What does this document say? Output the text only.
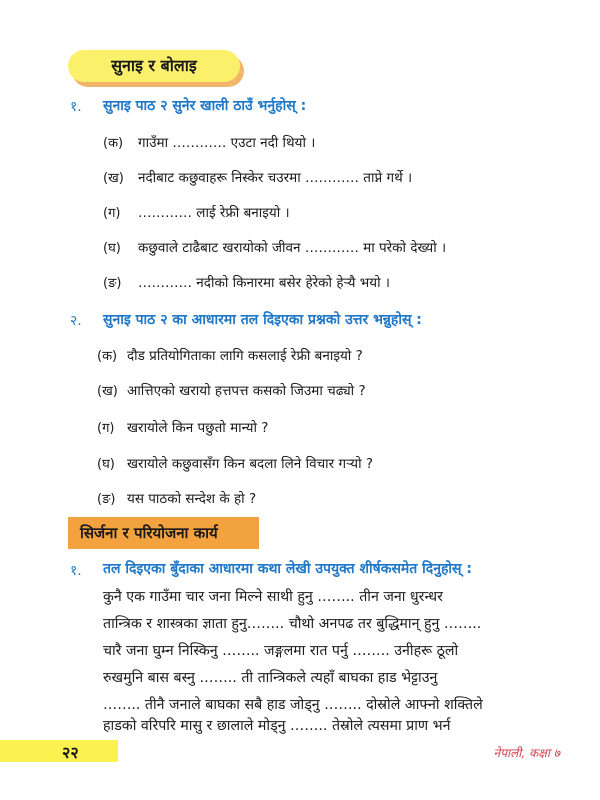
सुनाइ र बोलाइ
१. सुनाइ पाठ २ सुनेर खाली ठाउँ भर्नुहोस् :
(क) गाउँमा ………… एउटा नदी थियो ।
(ख) नदीबाट कछुवाहरू निस्केर चउरमा ………… ताप्ने गर्थे ।
(ग) ………… लाई रेफ्री बनाइयो ।
(घ) कछुवाले टाढैबाट खरायोको जीवन ………… मा परेको देख्यो ।
(ङ) ………… नदीको किनारमा बसेर हेरेको हेऱ्यै भयो ।
२. सुनाइ पाठ २ का आधारमा तल दिइएका प्रश्नको उत्तर भन्नुहोस् :
(क) दौड प्रतियोगिताका लागि कसलाई रेफ्री बनाइयो ?
(ख) आत्तिएको खरायो हत्तपत्त कसको जिउमा चढ्यो ?
(ग) खरायोले किन पछुतो मान्यो ?
(घ) खरायोले कछुवासँग किन बदला लिने विचार गऱ्यो ?
(ङ) यस पाठको सन्देश के हो ?
सिर्जना र परियोजना कार्य
१. तल दिइएका बुँदाका आधारमा कथा लेखी उपयुक्त शीर्षकसमेत दिनुहोस् :
कुनै एक गाउँमा चार जना मिल्ने साथी हुनु …….. तीन जना धुरन्धर
तान्त्रिक र शास्त्रका ज्ञाता हुनु…….. चौथो अनपढ तर बुद्धिमान् हुनु ……..
चारै जना घुम्न निस्किनु …….. जङ्गलमा रात पर्नु …….. उनीहरू ठूलो
रुखमुनि बास बस्नु …….. ती तान्त्रिकले त्यहाँ बाघका हाड भेट्टाउनु
…….. तीनै जनाले बाघका सबै हाड जोड्नु …….. दोस्रोले आफ्नो शक्तिले
हाडको वरिपरि मासु र छालाले मोड्नु …….. तेस्रोले त्यसमा प्राण भर्न
२२	नेपाली, कक्षा ७
